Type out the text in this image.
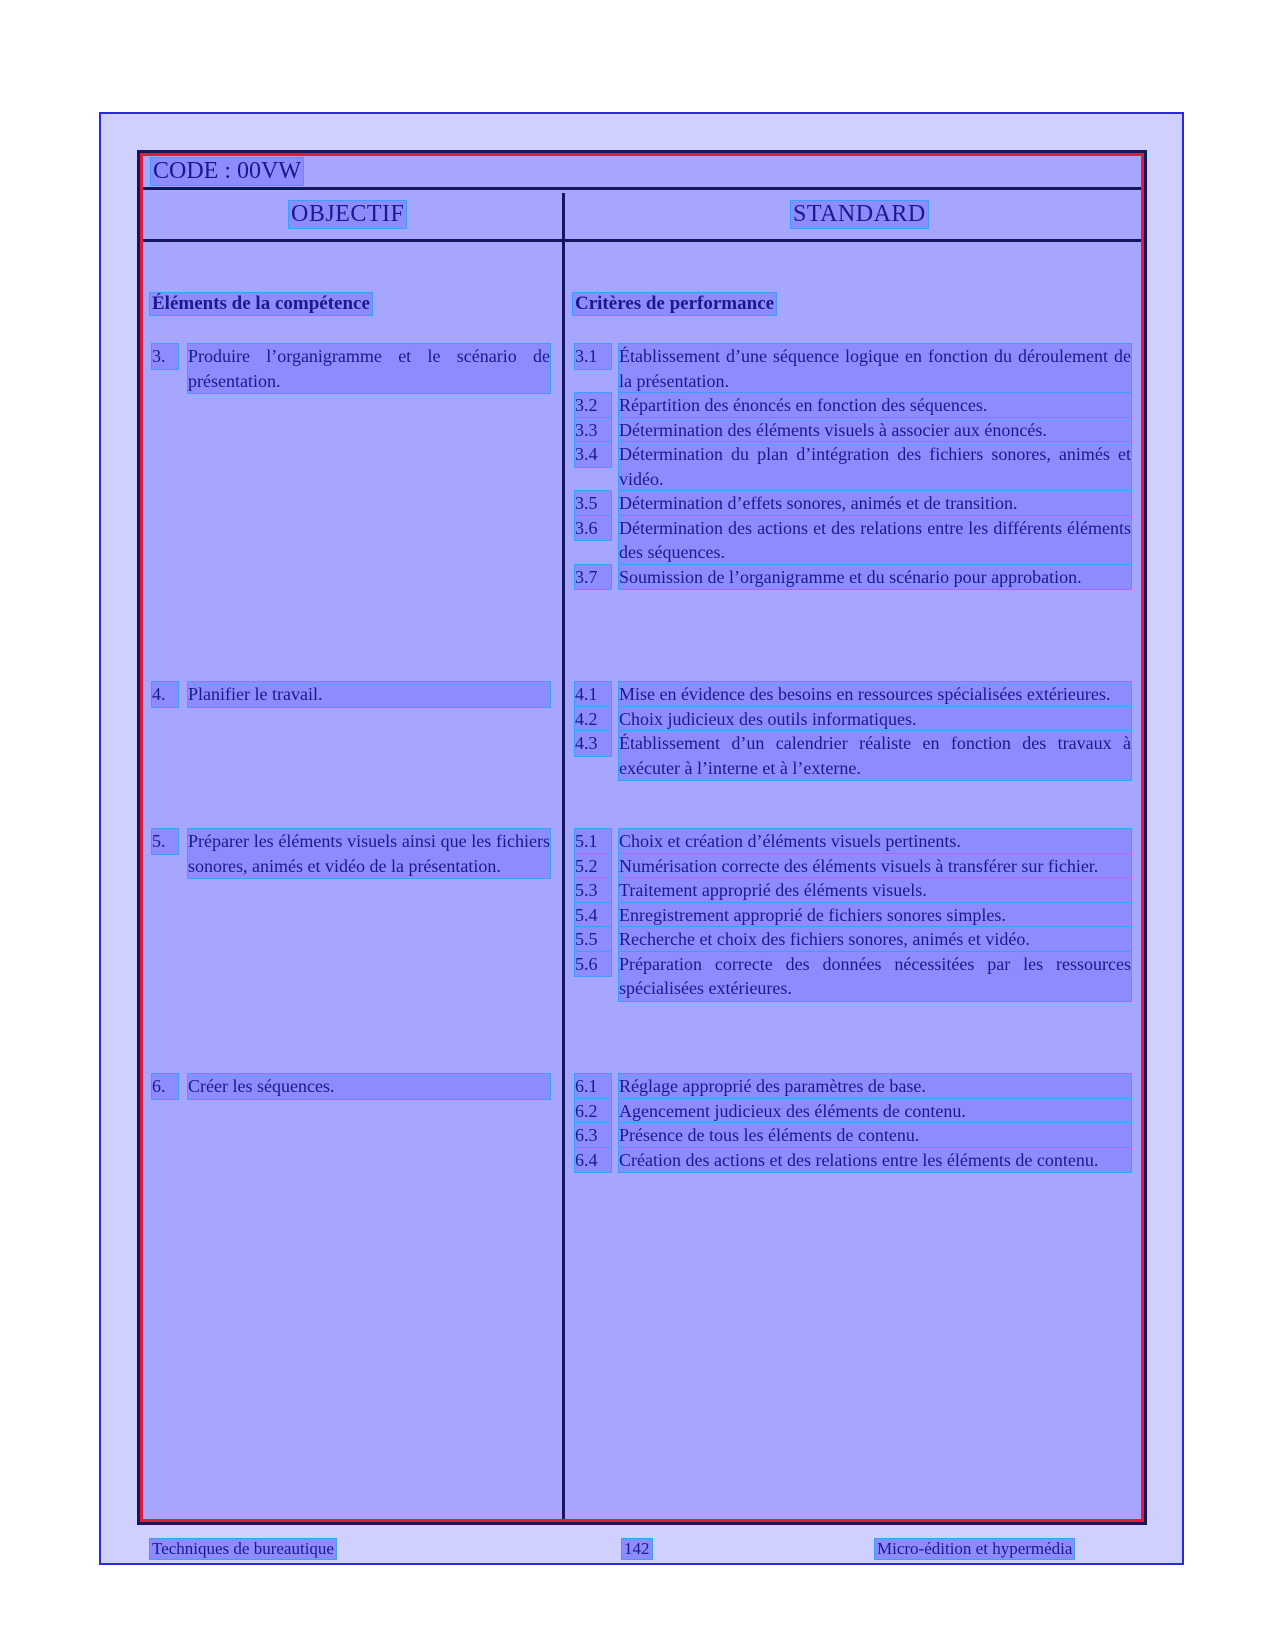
CODE : 00VW
OBJECTIF	STANDARD
Éléments de la compétence	Critères de performance
3.	Produire l’organigramme et le scénario de présentation.
3.1	Établissement d’une séquence logique en fonction du déroulement de la présentation.
3.2	Répartition des énoncés en fonction des séquences.
3.3	Détermination des éléments visuels à associer aux énoncés.
3.4	Détermination du plan d’intégration des fichiers sonores, animés et vidéo.
3.5	Détermination d’effets sonores, animés et de transition.
3.6	Détermination des actions et des relations entre les différents éléments des séquences.
3.7	Soumission de l’organigramme et du scénario pour approbation.
4.	Planifier le travail.	4.1	Mise en évidence des besoins en ressources spécialisées extérieures.
4.2	Choix judicieux des outils informatiques.
4.3	Établissement d’un calendrier réaliste en fonction des travaux à exécuter à l’interne et à l’externe.
5.	Préparer les éléments visuels ainsi que les fichiers sonores, animés et vidéo de la présentation.
5.1	Choix et création d’éléments visuels pertinents.
5.2	Numérisation correcte des éléments visuels à transférer sur fichier.
5.3	Traitement approprié des éléments visuels.
5.4	Enregistrement approprié de fichiers sonores simples.
5.5	Recherche et choix des fichiers sonores, animés et vidéo.
5.6	Préparation correcte des données nécessitées par les ressources spécialisées extérieures.
6.	Créer les séquences.	6.1	Réglage approprié des paramètres de base.
6.2	Agencement judicieux des éléments de contenu.
6.3	Présence de tous les éléments de contenu.
6.4	Création des actions et des relations entre les éléments de contenu.
Techniques de bureautique	142	Micro-édition et hypermédia
